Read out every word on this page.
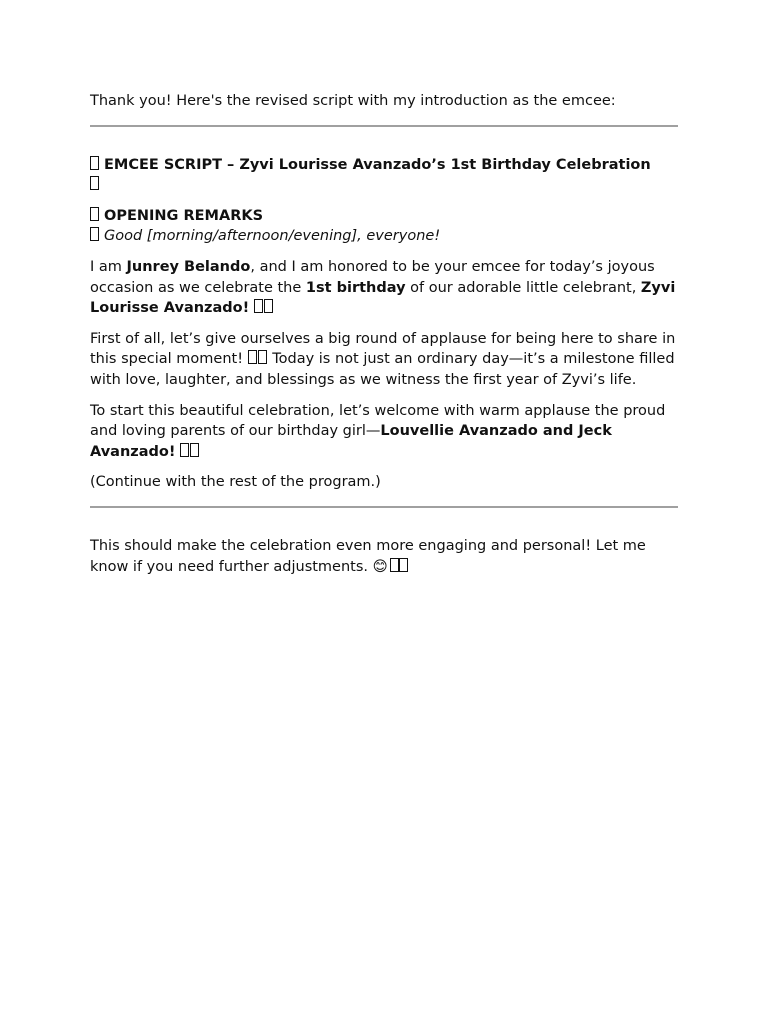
Thank you! Here's the revised script with my introduction as the emcee:

EMCEE SCRIPT – Zyvi Lourisse Avanzado’s 1st Birthday Celebration

OPENING REMARKS
Good [morning/afternoon/evening], everyone!

I am Junrey Belando, and I am honored to be your emcee for today’s joyous occasion as we celebrate the 1st birthday of our adorable little celebrant, Zyvi Lourisse Avanzado!

First of all, let’s give ourselves a big round of applause for being here to share in this special moment!  Today is not just an ordinary day—it’s a milestone filled with love, laughter, and blessings as we witness the first year of Zyvi’s life.

To start this beautiful celebration, let’s welcome with warm applause the proud and loving parents of our birthday girl—Louvellie Avanzado and Jeck Avanzado!

(Continue with the rest of the program.)

This should make the celebration even more engaging and personal! Let me know if you need further adjustments. 😊
